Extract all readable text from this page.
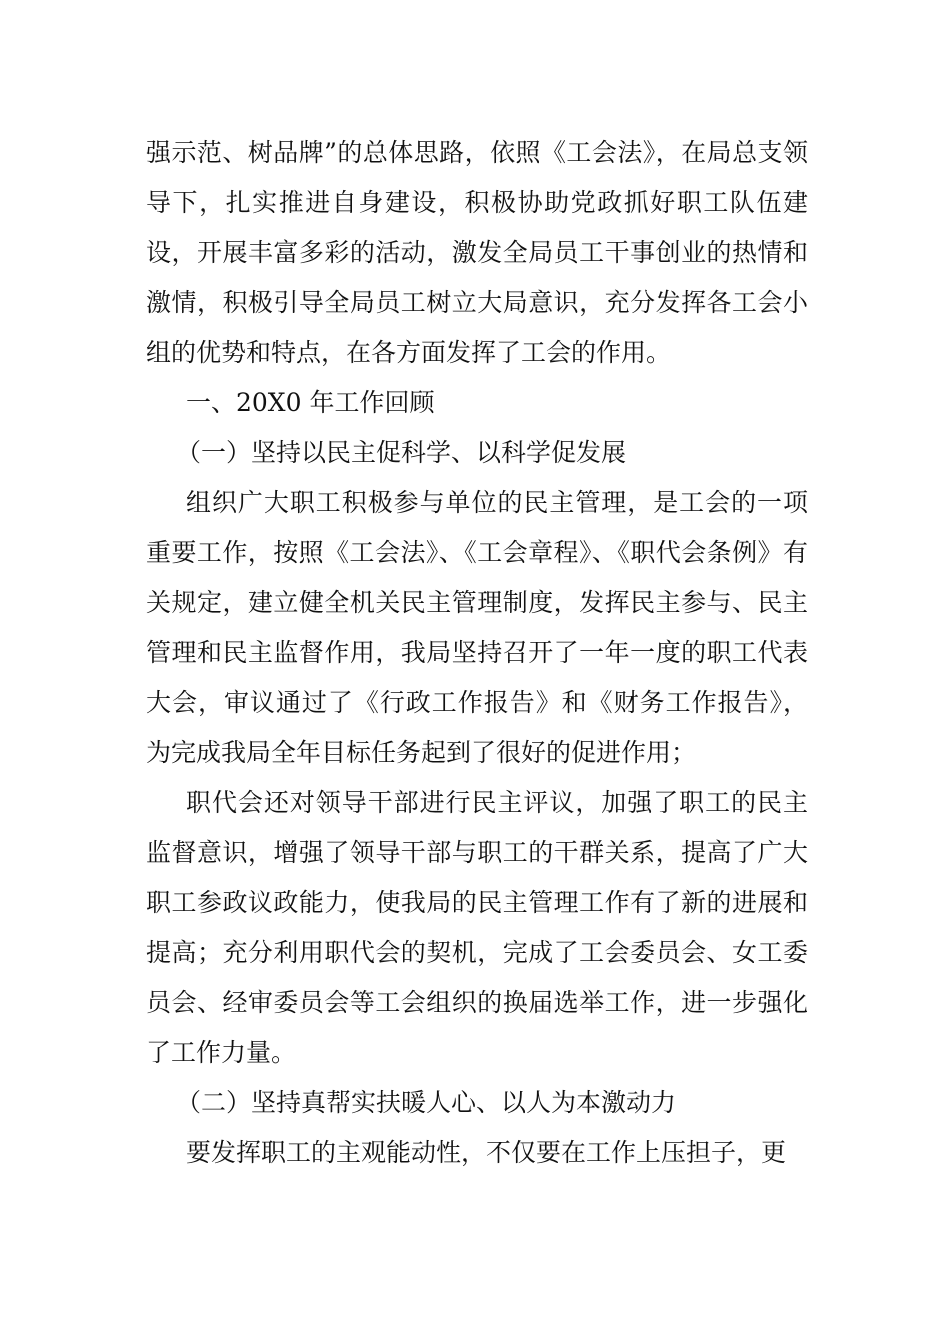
强示范、树品牌”的总体思路，依照《工会法》，在局总支领导下，扎实推进自身建设，积极协助党政抓好职工队伍建设，开展丰富多彩的活动，激发全局员工干事创业的热情和激情，积极引导全局员工树立大局意识，充分发挥各工会小组的优势和特点，在各方面发挥了工会的作用。

一、20X0 年工作回顾

（一）坚持以民主促科学、以科学促发展

组织广大职工积极参与单位的民主管理，是工会的一项重要工作，按照《工会法》、《工会章程》、《职代会条例》有关规定，建立健全机关民主管理制度，发挥民主参与、民主管理和民主监督作用，我局坚持召开了一年一度的职工代表大会，审议通过了《行政工作报告》和《财务工作报告》，为完成我局全年目标任务起到了很好的促进作用；

职代会还对领导干部进行民主评议，加强了职工的民主监督意识，增强了领导干部与职工的干群关系，提高了广大职工参政议政能力，使我局的民主管理工作有了新的进展和提高；充分利用职代会的契机，完成了工会委员会、女工委员会、经审委员会等工会组织的换届选举工作，进一步强化了工作力量。

（二）坚持真帮实扶暖人心、以人为本激动力

要发挥职工的主观能动性，不仅要在工作上压担子，更
